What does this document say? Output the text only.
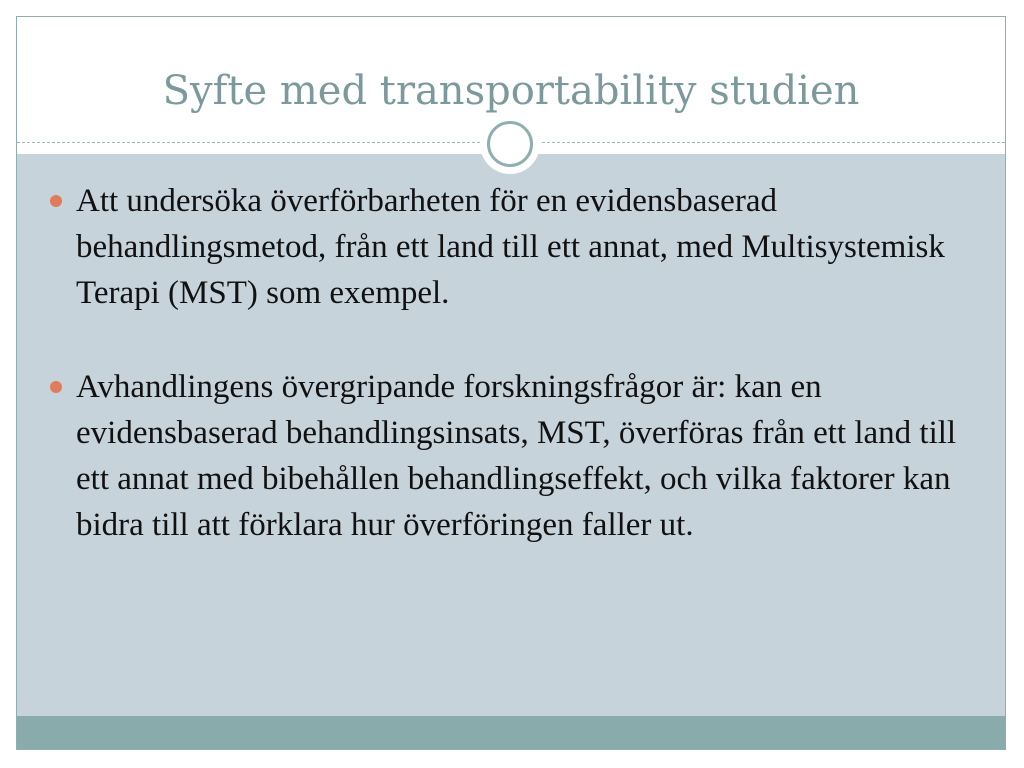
Syfte med transportability studien
Att undersöka överförbarheten för en evidensbaserad behandlingsmetod, från ett land till ett annat, med Multisystemisk Terapi (MST) som exempel.
Avhandlingens övergripande forskningsfrågor är: kan en evidensbaserad behandlingsinsats, MST, överföras från ett land till ett annat med bibehållen behandlingseffekt, och vilka faktorer kan bidra till att förklara hur överföringen faller ut.
